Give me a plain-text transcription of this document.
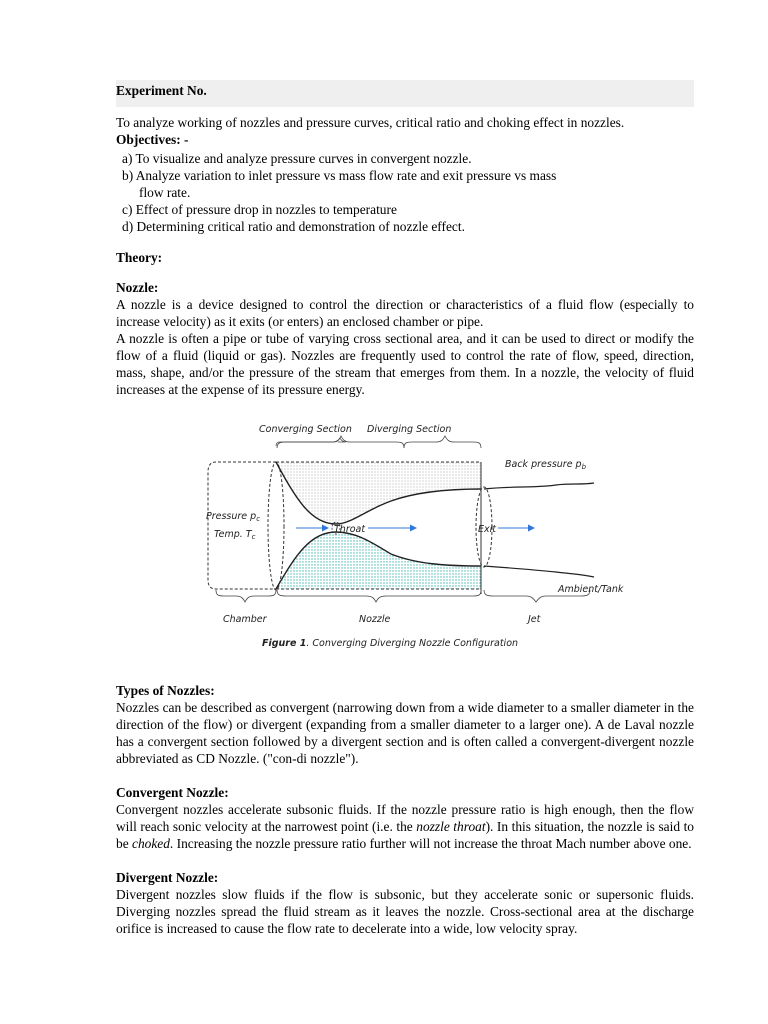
Experiment No.

To analyze working of nozzles and pressure curves, critical ratio and choking effect in nozzles.

Objectives: -
a) To visualize and analyze pressure curves in convergent nozzle.
b) Analyze variation to inlet pressure vs mass flow rate and exit pressure vs mass
flow rate.
c) Effect of pressure drop in nozzles to temperature
d) Determining critical ratio and demonstration of nozzle effect.
Theory:
Nozzle:

A nozzle is a device designed to control the direction or characteristics of a fluid flow (especially to increase velocity) as it exits (or enters) an enclosed chamber or pipe.

A nozzle is often a pipe or tube of varying cross sectional area, and it can be used to direct or modify the flow of a fluid (liquid or gas). Nozzles are frequently used to control the rate of flow, speed, direction, mass, shape, and/or the pressure of the stream that emerges from them. In a nozzle, the velocity of fluid increases at the expense of its pressure energy.

Converging Section Diverging Section
Back pressure $p_b$
Pressure $p_c$
Temp. $T_c$
Throat	Exit
Ambient/Tank
Chamber	Nozzle	Jet
Figure 1. Converging Diverging Nozzle Configuration
Types of Nozzles:

Nozzles can be described as convergent (narrowing down from a wide diameter to a smaller diameter in the direction of the flow) or divergent (expanding from a smaller diameter to a larger one). A de Laval nozzle has a convergent section followed by a divergent section and is often called a convergent-divergent nozzle abbreviated as CD Nozzle. ("con-di nozzle").

Convergent Nozzle:

Convergent nozzles accelerate subsonic fluids. If the nozzle pressure ratio is high enough, then the flow will reach sonic velocity at the narrowest point (i.e. the nozzle throat). In this situation, the nozzle is said to be choked. Increasing the nozzle pressure ratio further will not increase the throat Mach number above one.

Divergent Nozzle:

Divergent nozzles slow fluids if the flow is subsonic, but they accelerate sonic or supersonic fluids. Diverging nozzles spread the fluid stream as it leaves the nozzle. Cross-sectional area at the discharge orifice is increased to cause the flow rate to decelerate into a wide, low velocity spray.
